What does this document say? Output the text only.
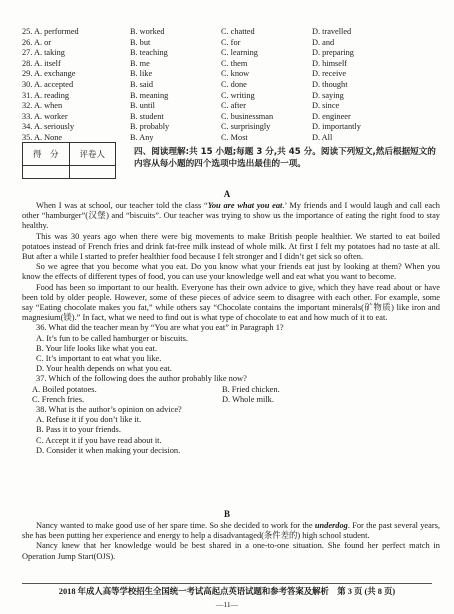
25. A. performed	B. worked	C. chatted	D. travelled
26. A. or	B. but	C. for	D. and
27. A. taking	B. teaching	C. learning	D. preparing
28. A. itself	B. me	C. them	D. himself
29. A. exchange	B. like	C. know	D. receive
30. A. accepted	B. said	C. done	D. thought
31. A. reading	B. meaning	C. writing	D. saying
32. A. when	B. until	C. after	D. since
33. A. worker	B. student	C. businessman	D. engineer
34. A. seriously	B. probably	C. surprisingly	D. importantly
35. A. None	B. Any	C. Most	D. All
得　分	评卷人	四、阅读理解:共 15 小题;每题 3 分,共 45 分。阅读下列短文,然后根据短文的内容从每小题的四个选项中选出最佳的一项。
A

When I was at school, our teacher told the class “You are what you eat.’ My friends and I would laugh and call each other “hamburger”(汉堡) and “biscuits”. Our teacher was trying to show us the importance of eating the right food to stay healthy.

This was 30 years ago when there were big movements to make British people healthier. We started to eat boiled potatoes instead of French fries and drink fat-free milk instead of whole milk. At first I felt my potatoes had no taste at all. But after a while I started to prefer healthier food because I felt stronger and I didn’t get sick so often.

So we agree that you become what you eat. Do you know what your friends eat just by looking at them? When you know the effects of different types of food, you can use your knowledge well and eat what you want to become.

Food has been so important to our health. Everyone has their own advice to give, which they have read about or have been told by older people. However, some of these pieces of advice seem to disagree with each other. For example, some say “Eating chocolate makes you fat,” while others say “Chocolate contains the important minerals(矿物质) like iron and magnesium(镁).” In fact, what we need to find out is what type of chocolate to eat and how much of it to eat.

36. What did the teacher mean by “You are what you eat” in Paragraph 1?

A. It’s fun to be called hamburger or biscuits.

B. Your life looks like what you eat.

C. It’s important to eat what you like.

D. Your health depends on what you eat.

37. Which of the following does the author probably like now?

A. Boiled potatoes.	B. Fried chicken.
C. French fries.	D. Whole milk.

38. What is the author’s opinion on advice?

A. Refuse it if you don’t like it.

B. Pass it to your friends.

C. Accept it if you have read about it.

D. Consider it when making your decision.

B

Nancy wanted to make good use of her spare time. So she decided to work for the underdog. For the past several years, she has been putting her experience and energy to help a disadvantaged(条件差的) high school student.

Nancy knew that her knowledge would be best shared in a one-to-one situation. She found her perfect match in Operation Jump Start(OJS).

2018 年成人高等学校招生全国统一考试高起点英语试题和参考答案及解析　第 3 页 (共 8 页)
—11—
